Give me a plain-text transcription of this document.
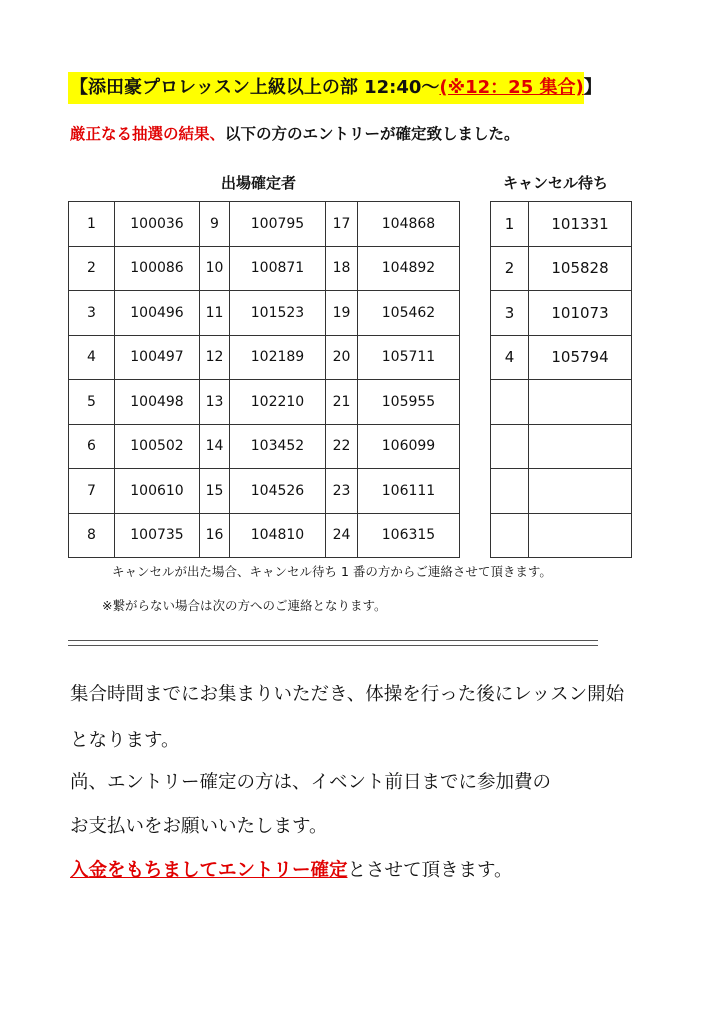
【添田豪プロレッスン上級以上の部 12:40～(※12：25 集合)】
厳正なる抽選の結果、以下の方のエントリーが確定致しました。
出場確定者	キャンセル待ち
1	100036	9	100795	17	104868
2	100086	10	100871	18	104892
3	100496	11	101523	19	105462
4	100497	12	102189	20	105711
5	100498	13	102210	21	105955
6	100502	14	103452	22	106099
7	100610	15	104526	23	106111
8	100735	16	104810	24	106315
1	101331
2	105828
3	101073
4	105794

キャンセルが出た場合、キャンセル待ち 1 番の方からご連絡させて頂きます。
※繋がらない場合は次の方へのご連絡となります。
集合時間までにお集まりいただき、体操を行った後にレッスン開始
となります。
尚、エントリー確定の方は、イベント前日までに参加費の
お支払いをお願いいたします。
入金をもちましてエントリー確定とさせて頂きます。
